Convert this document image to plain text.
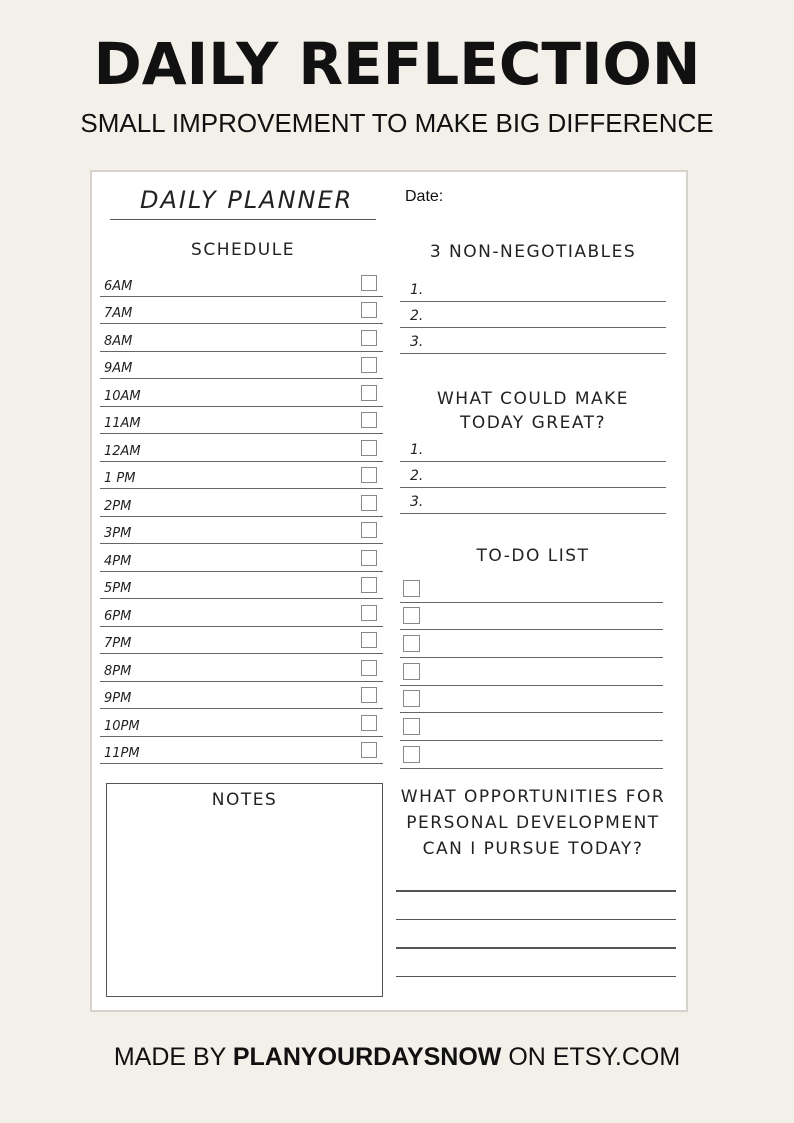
DAILY REFLECTION
SMALL IMPROVEMENT TO MAKE BIG DIFFERENCE
DAILY PLANNER	Date:
SCHEDULE
6AM
7AM
8AM
9AM
10AM
11AM
12AM
1 PM
2PM
3PM
4PM
5PM
6PM
7PM
8PM
9PM
10PM
11PM
3 NON-NEGOTIABLES
1.
2.
3.
WHAT COULD MAKE
TODAY GREAT?
1.
2.
3.
TO-DO LIST
NOTES	WHAT OPPORTUNITIES FOR
PERSONAL DEVELOPMENT
CAN I PURSUE TODAY?
MADE BY PLANYOURDAYSNOW ON ETSY.COM
